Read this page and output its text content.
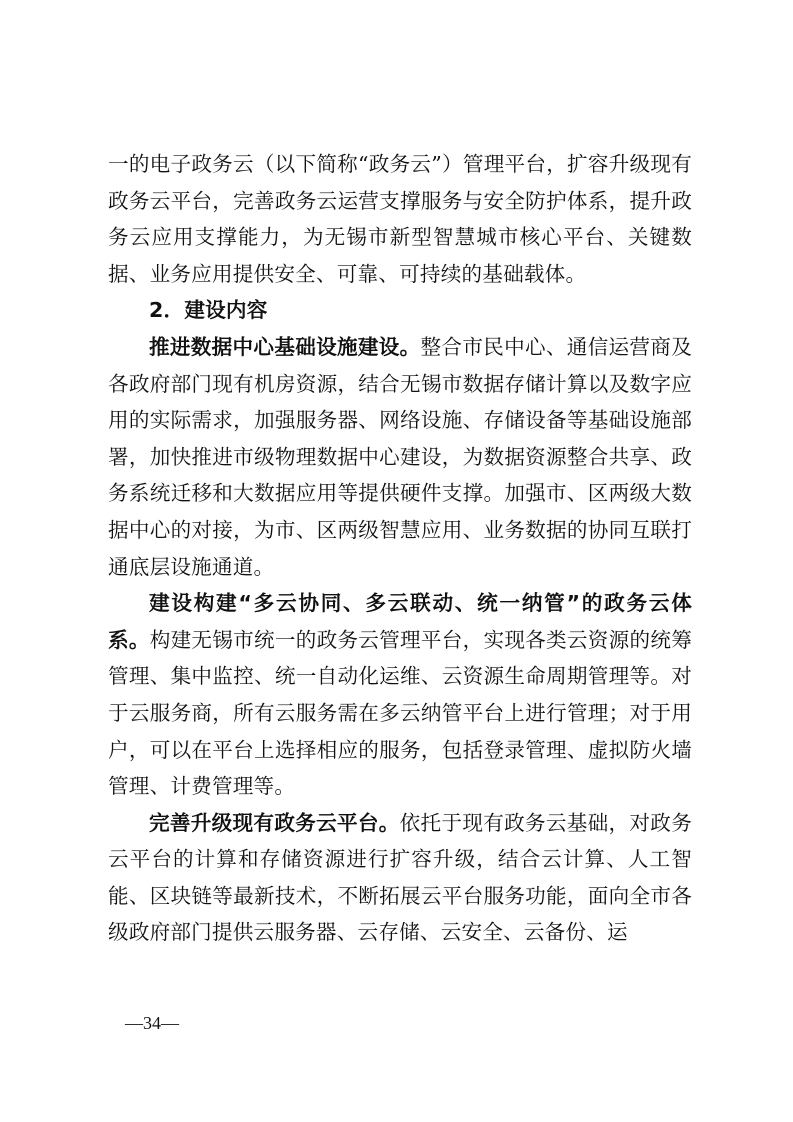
一的电子政务云（以下简称“政务云”）管理平台，扩容升级现有政务云平台，完善政务云运营支撑服务与安全防护体系，提升政务云应用支撑能力，为无锡市新型智慧城市核心平台、关键数据、业务应用提供安全、可靠、可持续的基础载体。

2．建设内容

推进数据中心基础设施建设。整合市民中心、通信运营商及各政府部门现有机房资源，结合无锡市数据存储计算以及数字应用的实际需求，加强服务器、网络设施、存储设备等基础设施部署，加快推进市级物理数据中心建设，为数据资源整合共享、政务系统迁移和大数据应用等提供硬件支撑。加强市、区两级大数据中心的对接，为市、区两级智慧应用、业务数据的协同互联打通底层设施通道。

建设构建“多云协同、多云联动、统一纳管”的政务云体系。构建无锡市统一的政务云管理平台，实现各类云资源的统筹管理、集中监控、统一自动化运维、云资源生命周期管理等。对于云服务商，所有云服务需在多云纳管平台上进行管理；对于用户，可以在平台上选择相应的服务，包括登录管理、虚拟防火墙管理、计费管理等。

完善升级现有政务云平台。依托于现有政务云基础，对政务云平台的计算和存储资源进行扩容升级，结合云计算、人工智能、区块链等最新技术，不断拓展云平台服务功能，面向全市各级政府部门提供云服务器、云存储、云安全、云备份、运

—34—
